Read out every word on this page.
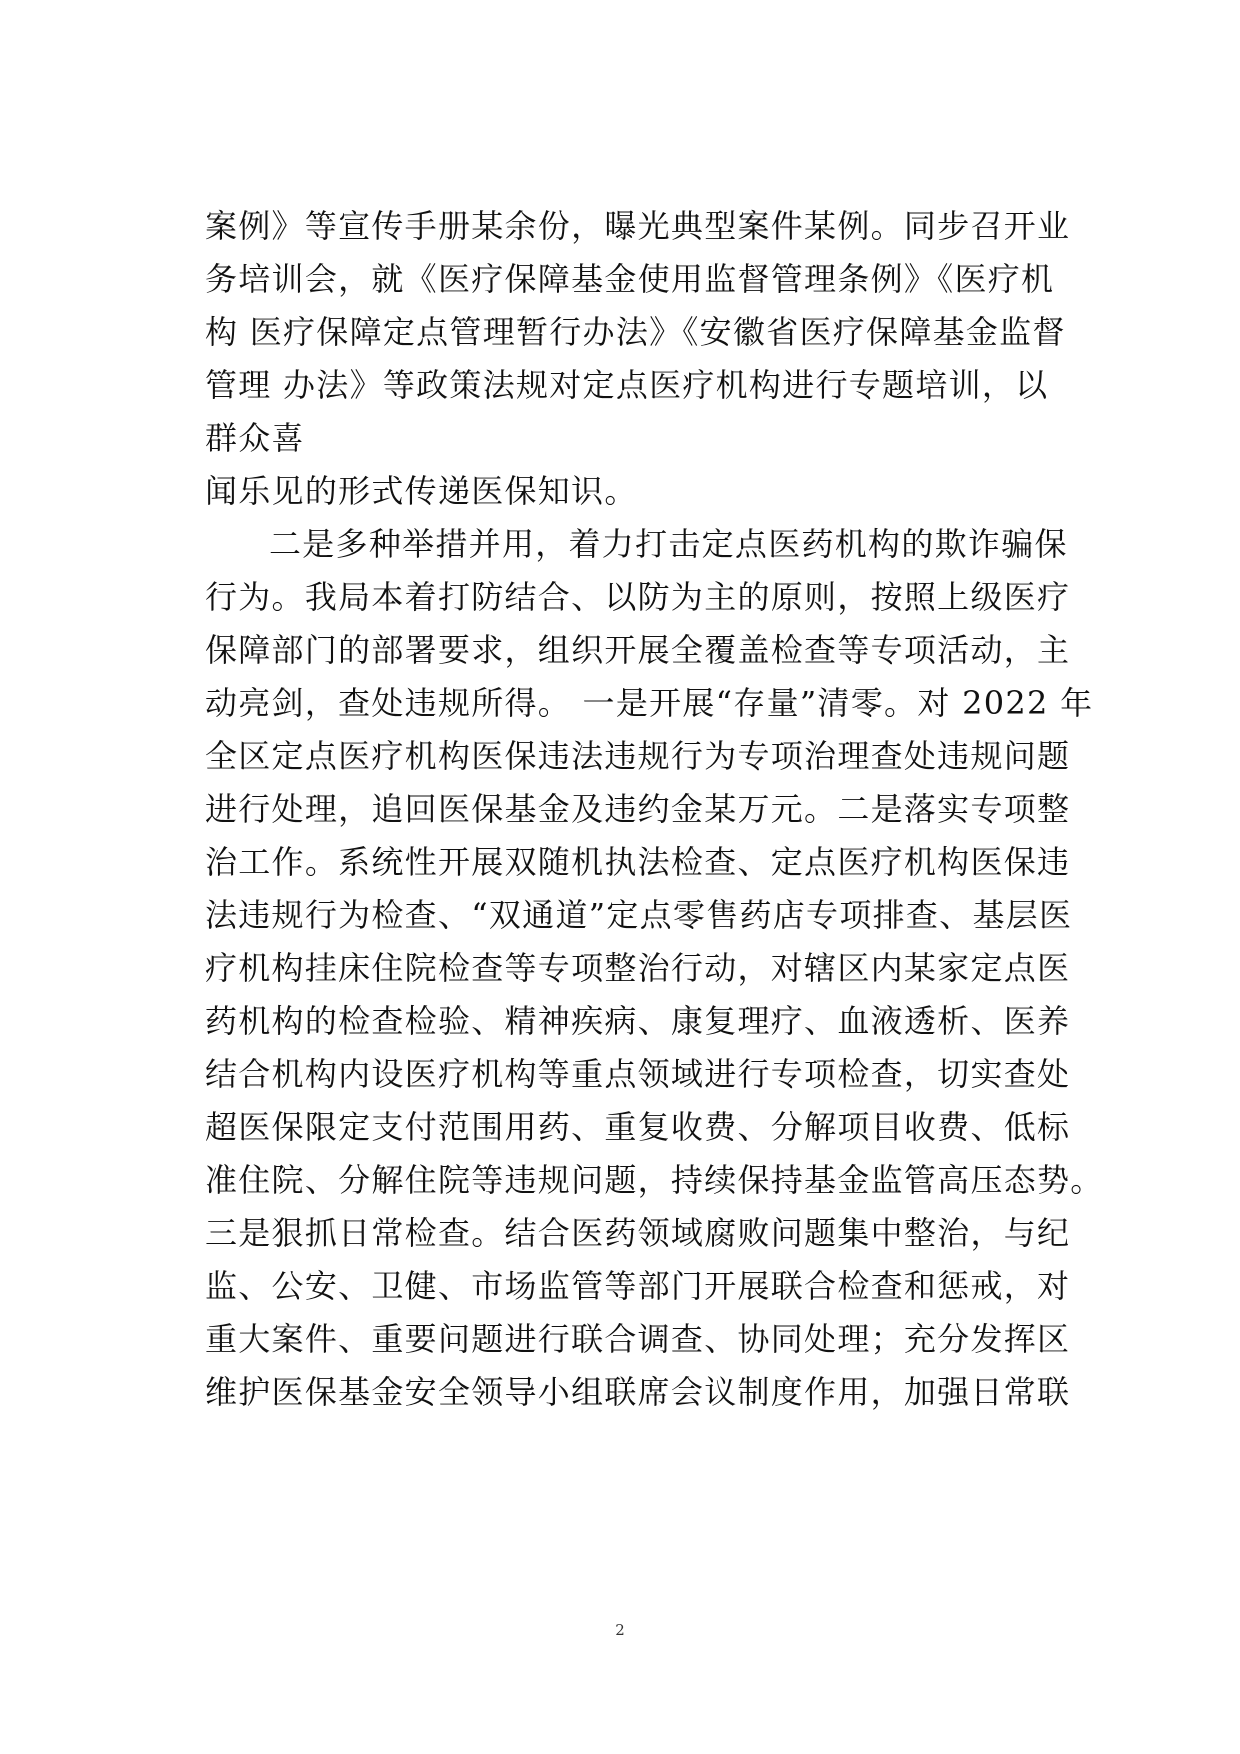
案例》等宣传手册某余份，曝光典型案件某例。同步召开业
务培训会，就《医疗保障基金使用监督管理条例》《医疗机
构 医疗保障定点管理暂行办法》《安徽省医疗保障基金监督
管理 办法》等政策法规对定点医疗机构进行专题培训，以
群众喜
闻乐见的形式传递医保知识。
二是多种举措并用，着力打击定点医药机构的欺诈骗保
行为。我局本着打防结合、以防为主的原则，按照上级医疗
保障部门的部署要求，组织开展全覆盖检查等专项活动，主
动亮剑，查处违规所得。 一是开展“存量”清零。对 2022 年
全区定点医疗机构医保违法违规行为专项治理查处违规问题
进行处理，追回医保基金及违约金某万元。二是落实专项整
治工作。系统性开展双随机执法检查、定点医疗机构医保违
法违规行为检查、“双通道”定点零售药店专项排查、基层医
疗机构挂床住院检查等专项整治行动，对辖区内某家定点医
药机构的检查检验、精神疾病、康复理疗、血液透析、医养
结合机构内设医疗机构等重点领域进行专项检查，切实查处
超医保限定支付范围用药、重复收费、分解项目收费、低标
准住院、分解住院等违规问题，持续保持基金监管高压态势。
三是狠抓日常检查。结合医药领域腐败问题集中整治，与纪
监、公安、卫健、市场监管等部门开展联合检查和惩戒，对
重大案件、重要问题进行联合调查、协同处理；充分发挥区
维护医保基金安全领导小组联席会议制度作用，加强日常联
2
